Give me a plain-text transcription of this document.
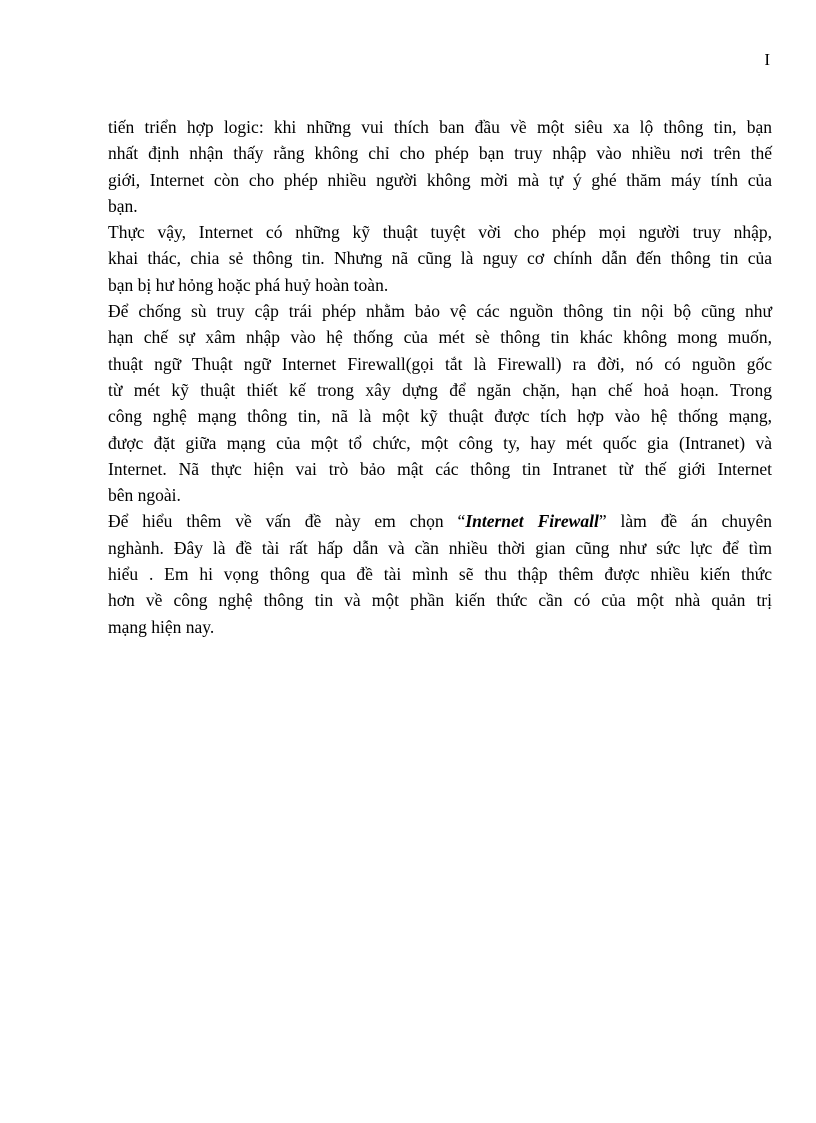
I
tiến triển hợp logic: khi những vui thích ban đầu về một siêu xa lộ thông tin, bạn
nhất định nhận thấy rằng không chỉ cho phép bạn truy nhập vào nhiều nơi trên thế
giới, Internet còn cho phép nhiều người không mời mà tự ý ghé thăm máy tính của
bạn.
Thực vậy, Internet có những kỹ thuật tuyệt vời cho phép mọi người truy nhập,
khai thác, chia sẻ thông tin. Nhưng nã cũng là nguy cơ chính dẫn đến thông tin của
bạn bị hư hỏng hoặc phá huỷ hoàn toàn.
Để chống sù truy cập trái phép nhằm bảo vệ các nguồn thông tin nội bộ cũng như
hạn chế sự xâm nhập vào hệ thống của mét sè thông tin khác không mong muốn,
thuật ngữ Thuật ngữ Internet Firewall(gọi tắt là Firewall) ra đời, nó có nguồn gốc
từ mét kỹ thuật thiết kế trong xây dựng để ngăn chặn, hạn chế hoả hoạn. Trong
công nghệ mạng thông tin, nã là một kỹ thuật được tích hợp vào hệ thống mạng,
được đặt giữa mạng của một tổ chức, một công ty, hay mét quốc gia (Intranet) và
Internet. Nã thực hiện vai trò bảo mật các thông tin Intranet từ thế giới Internet
bên ngoài.
Để hiểu thêm về vấn đề này em chọn “Internet Firewall” làm đề án chuyên
nghành. Đây là đề tài rất hấp dẫn và cần nhiều thời gian cũng như sức lực để tìm
hiểu . Em hi vọng thông qua đề tài mình sẽ thu thập thêm được nhiều kiến thức
hơn về công nghệ thông tin và một phần kiến thức cần có của một nhà quản trị
mạng hiện nay.
